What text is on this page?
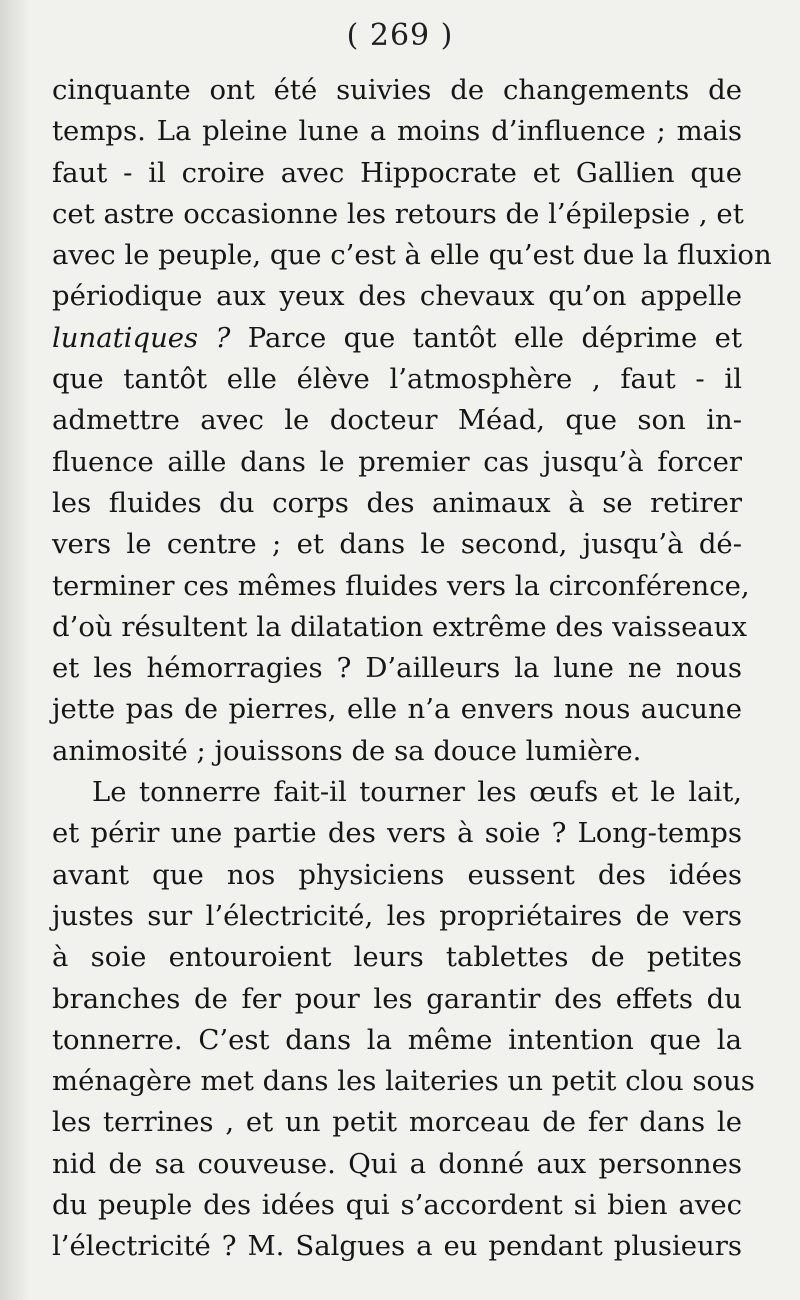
( 269 )
cinquante ont été suivies de changements de
temps. La pleine lune a moins d’influence ; mais
faut - il croire avec Hippocrate et Gallien que
cet astre occasionne les retours de l’épilepsie , et
avec le peuple, que c’est à elle qu’est due la fluxion
périodique aux yeux des chevaux qu’on appelle
lunatiques ? Parce que tantôt elle déprime et
que tantôt elle élève l’atmosphère , faut - il
admettre avec le docteur Méad, que son in-
fluence aille dans le premier cas jusqu’à forcer
les fluides du corps des animaux à se retirer
vers le centre ; et dans le second, jusqu’à dé-
terminer ces mêmes fluides vers la circonférence,
d’où résultent la dilatation extrême des vaisseaux
et les hémorragies ? D’ailleurs la lune ne nous
jette pas de pierres, elle n’a envers nous aucune
animosité ; jouissons de sa douce lumière.
Le tonnerre fait-il tourner les œufs et le lait,
et périr une partie des vers à soie ? Long-temps
avant que nos physiciens eussent des idées
justes sur l’électricité, les propriétaires de vers
à soie entouroient leurs tablettes de petites
branches de fer pour les garantir des effets du
tonnerre. C’est dans la même intention que la
ménagère met dans les laiteries un petit clou sous
les terrines , et un petit morceau de fer dans le
nid de sa couveuse. Qui a donné aux personnes
du peuple des idées qui s’accordent si bien avec
l’électricité ? M. Salgues a eu pendant plusieurs
